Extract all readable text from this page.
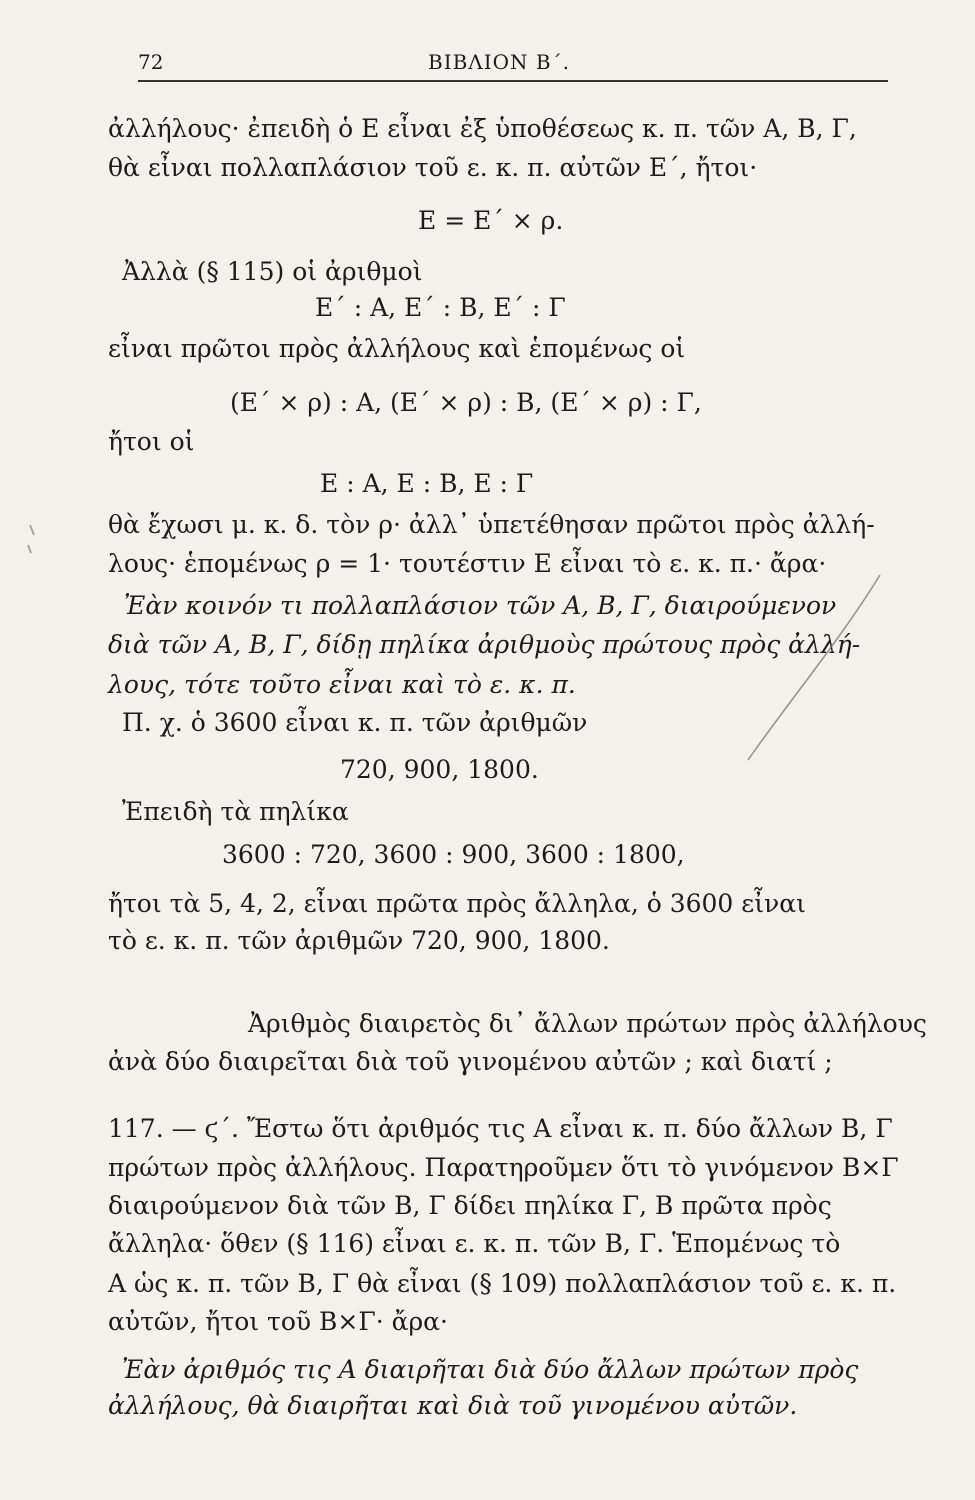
72	ΒΙΒΛΙΟΝ Β΄.
ἀλλήλους· ἐπειδὴ ὁ Ε εἶναι ἐξ ὑποθέσεως κ. π. τῶν Α, Β, Γ,
θὰ εἶναι πολλαπλάσιον τοῦ ε. κ. π. αὐτῶν Ε΄, ἤτοι·
Ε = Ε΄ × ρ.
Ἀλλὰ (§ 115) οἱ ἀριθμοὶ
Ε΄ : Α, Ε΄ : Β, Ε΄ : Γ
εἶναι πρῶτοι πρὸς ἀλλήλους καὶ ἑπομένως οἱ
(Ε΄ × ρ) : Α, (Ε΄ × ρ) : Β, (Ε΄ × ρ) : Γ,
ἤτοι οἱ
Ε : Α, Ε : Β, Ε : Γ
θὰ ἔχωσι μ. κ. δ. τὸν ρ· ἀλλ᾽ ὑπετέθησαν πρῶτοι πρὸς ἀλλή-
λους· ἑπομένως ρ = 1· τουτέστιν Ε εἶναι τὸ ε. κ. π.· ἄρα·
Ἐὰν κοινόν τι πολλαπλάσιον τῶν Α, Β, Γ, διαιρούμενον
διὰ τῶν Α, Β, Γ, δίδῃ πηλίκα ἀριθμοὺς πρώτους πρὸς ἀλλή-
λους, τότε τοῦτο εἶναι καὶ τὸ ε. κ. π.
Π. χ. ὁ 3600 εἶναι κ. π. τῶν ἀριθμῶν
720, 900, 1800.
Ἐπειδὴ τὰ πηλίκα
3600 : 720, 3600 : 900, 3600 : 1800,
ἤτοι τὰ 5, 4, 2, εἶναι πρῶτα πρὸς ἄλληλα, ὁ 3600 εἶναι
τὸ ε. κ. π. τῶν ἀριθμῶν 720, 900, 1800.
Ἀριθμὸς διαιρετὸς δι᾽ ἄλλων πρώτων πρὸς ἀλλήλους
ἀνὰ δύο διαιρεῖται διὰ τοῦ γινομένου αὐτῶν ; καὶ διατί ;
117. — ϛ΄. Ἔστω ὅτι ἀριθμός τις Α εἶναι κ. π. δύο ἄλλων Β, Γ
πρώτων πρὸς ἀλλήλους. Παρατηροῦμεν ὅτι τὸ γινόμενον Β×Γ
διαιρούμενον διὰ τῶν Β, Γ δίδει πηλίκα Γ, Β πρῶτα πρὸς
ἄλληλα· ὅθεν (§ 116) εἶναι ε. κ. π. τῶν Β, Γ. Ἑπομένως τὸ
Α ὡς κ. π. τῶν Β, Γ θὰ εἶναι (§ 109) πολλαπλάσιον τοῦ ε. κ. π.
αὐτῶν, ἤτοι τοῦ Β×Γ· ἄρα·
Ἐὰν ἀριθμός τις Α διαιρῆται διὰ δύο ἄλλων πρώτων πρὸς
ἀλλήλους, θὰ διαιρῆται καὶ διὰ τοῦ γινομένου αὐτῶν.
